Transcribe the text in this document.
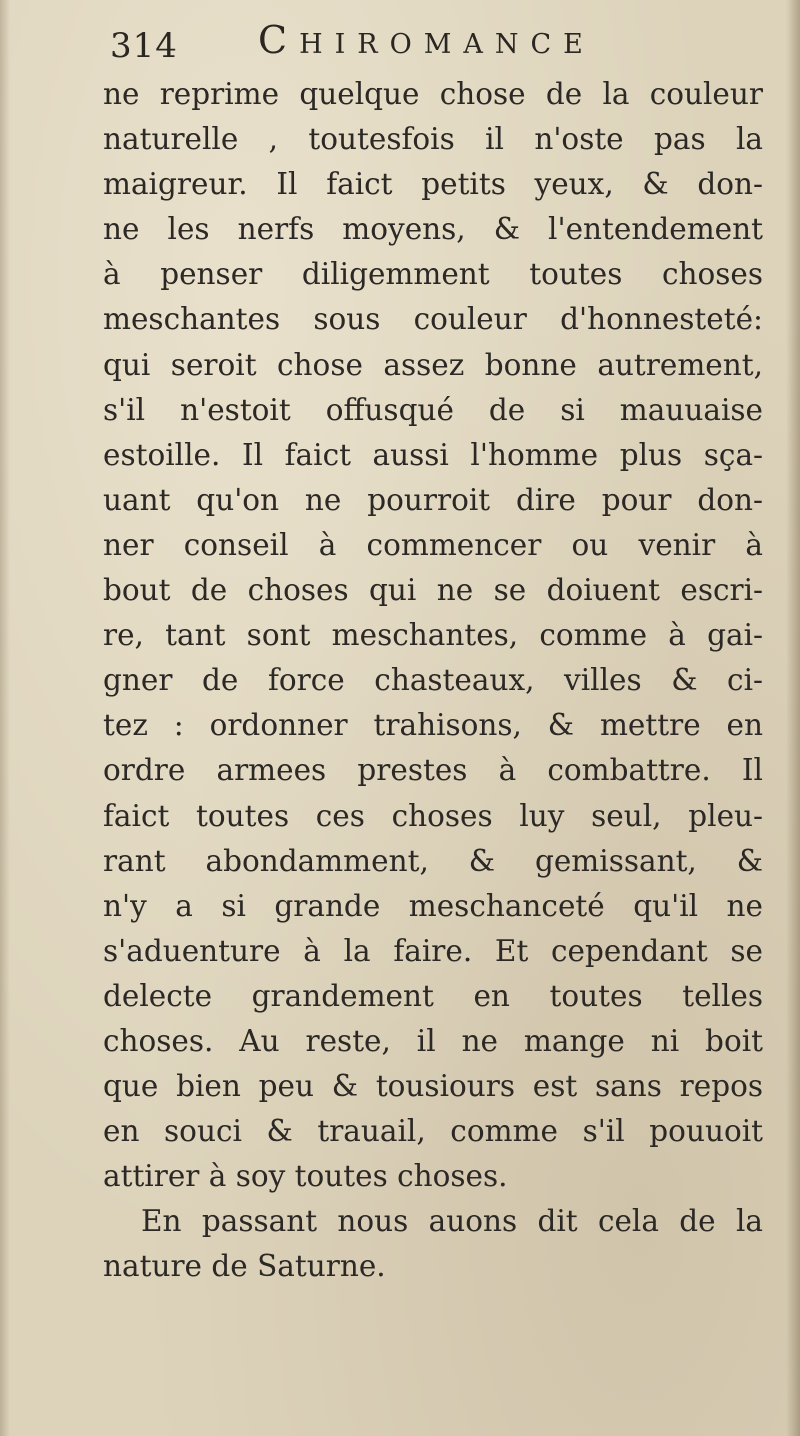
314 Chiromance
ne reprime quelque chose de la couleur
naturelle , toutesfois il n'oste pas la
maigreur. Il faict petits yeux, & don-
ne les nerfs moyens, & l'entendement
à penser diligemment toutes choses
meschantes sous couleur d'honnesteté:
qui seroit chose assez bonne autrement,
s'il n'estoit offusqué de si mauuaise
estoille. Il faict aussi l'homme plus sça-
uant qu'on ne pourroit dire pour don-
ner conseil à commencer ou venir à
bout de choses qui ne se doiuent escri-
re, tant sont meschantes, comme à gai-
gner de force chasteaux, villes & ci-
tez : ordonner trahisons, & mettre en
ordre armees prestes à combattre. Il
faict toutes ces choses luy seul, pleu-
rant abondamment, & gemissant, &
n'y a si grande meschanceté qu'il ne
s'aduenture à la faire. Et cependant se
delecte grandement en toutes telles
choses. Au reste, il ne mange ni boit
que bien peu & tousiours est sans repos
en souci & trauail, comme s'il pouuoit
attirer à soy toutes choses.
En passant nous auons dit cela de la
nature de Saturne.
